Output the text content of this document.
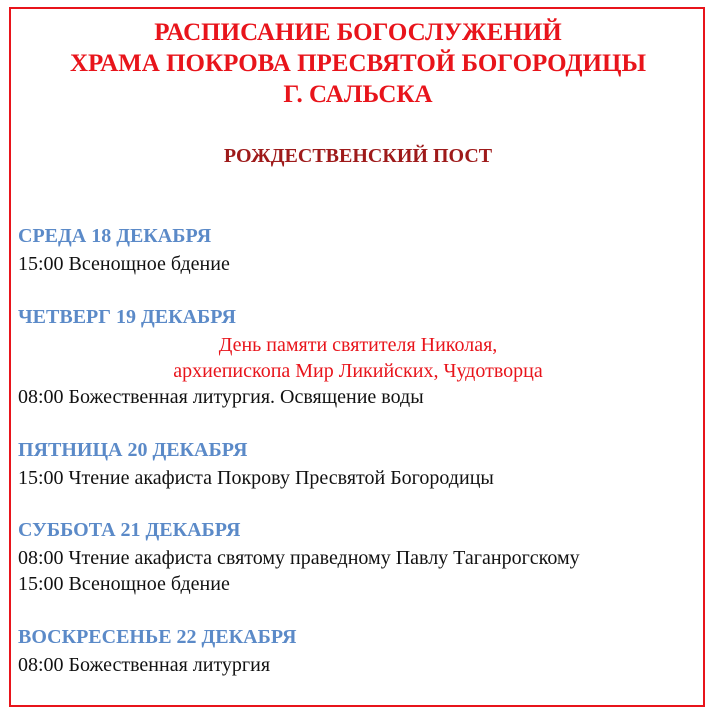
РАСПИСАНИЕ БОГОСЛУЖЕНИЙ
ХРАМА ПОКРОВА ПРЕСВЯТОЙ БОГОРОДИЦЫ
Г. САЛЬСКА
РОЖДЕСТВЕНСКИЙ ПОСТ
СРЕДА 18 ДЕКАБРЯ
15:00 Всенощное бдение
ЧЕТВЕРГ 19 ДЕКАБРЯ
День памяти святителя Николая,
архиепископа Мир Ликийских, Чудотворца
08:00 Божественная литургия. Освящение воды
ПЯТНИЦА 20 ДЕКАБРЯ
15:00 Чтение акафиста Покрову Пресвятой Богородицы
СУББОТА 21 ДЕКАБРЯ
08:00 Чтение акафиста святому праведному Павлу Таганрогскому
15:00 Всенощное бдение
ВОСКРЕСЕНЬЕ 22 ДЕКАБРЯ
08:00 Божественная литургия
